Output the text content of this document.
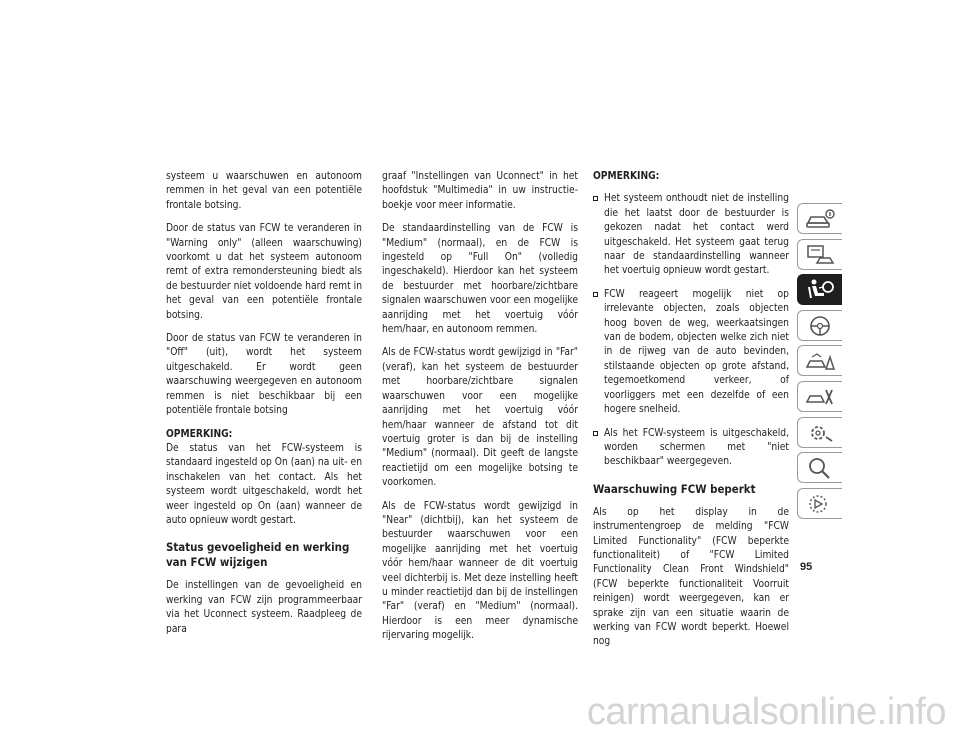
systeem u waarschuwen en autonoom remmen in het geval van een potentiële frontale botsing.

Door de status van FCW te veranderen in "Warning only" (alleen waarschuwing) voorkomt u dat het systeem autonoom remt of extra remondersteuning biedt als de bestuurder niet voldoende hard remt in het geval van een potentiële frontale botsing.

Door de status van FCW te veranderen in "Off" (uit), wordt het systeem uitgeschakeld. Er wordt geen waarschuwing weergegeven en autonoom remmen is niet beschikbaar bij een potentiële frontale botsing

OPMERKING:

De status van het FCW-systeem is standaard ingesteld op On (aan) na uit- en inschakelen van het contact. Als het systeem wordt uitgeschakeld, wordt het weer ingesteld op On (aan) wanneer de auto opnieuw wordt gestart.

Status gevoeligheid en werking van FCW wijzigen

De instellingen van de gevoeligheid en werking van FCW zijn programmeerbaar via het Uconnect systeem. Raadpleeg de para

graaf "Instellingen van Uconnect" in het hoofdstuk "Multimedia" in uw instructieboekje voor meer informatie.

De standaardinstelling van de FCW is "Medium" (normaal), en de FCW is ingesteld op "Full On" (volledig ingeschakeld). Hierdoor kan het systeem de bestuurder met hoorbare/zichtbare signalen waarschuwen voor een mogelijke aanrijding met het voertuig vóór hem/haar, en autonoom remmen.

Als de FCW-status wordt gewijzigd in "Far" (veraf), kan het systeem de bestuurder met hoorbare/zichtbare signalen waarschuwen voor een mogelijke aanrijding met het voertuig vóór hem/haar wanneer de afstand tot dit voertuig groter is dan bij de instelling "Medium" (normaal). Dit geeft de langste reactietijd om een mogelijke botsing te voorkomen.

Als de FCW-status wordt gewijzigd in "Near" (dichtbij), kan het systeem de bestuurder waarschuwen voor een mogelijke aanrijding met het voertuig vóór hem/haar wanneer de dit voertuig veel dichterbij is. Met deze instelling heeft u minder reactietijd dan bij de instellingen "Far" (veraf) en "Medium" (normaal). Hierdoor is een meer dynamische rijervaring mogelijk.

OPMERKING:
Het systeem onthoudt niet de instelling die het laatst door de bestuurder is gekozen nadat het contact werd uitgeschakeld. Het systeem gaat terug naar de standaardinstelling wanneer het voertuig opnieuw wordt gestart.
FCW reageert mogelijk niet op irrelevante objecten, zoals objecten hoog boven de weg, weerkaatsingen van de bodem, objecten welke zich niet in de rijweg van de auto bevinden, stilstaande objecten op grote afstand, tegemoetkomend verkeer, of voorliggers met een dezelfde of een hogere snelheid.
Als het FCW-systeem is uitgeschakeld, worden schermen met "niet beschikbaar" weergegeven.
Waarschuwing FCW beperkt

Als op het display in de instrumentengroep de melding "FCW Limited Functionality" (FCW beperkte functionaliteit) of "FCW Limited Functionality Clean Front Windshield" (FCW beperkte functionaliteit Voorruit reinigen) wordt weergegeven, kan er sprake zijn van een situatie waarin de werking van FCW wordt beperkt. Hoewel nog

95
carmanualsonline.info
